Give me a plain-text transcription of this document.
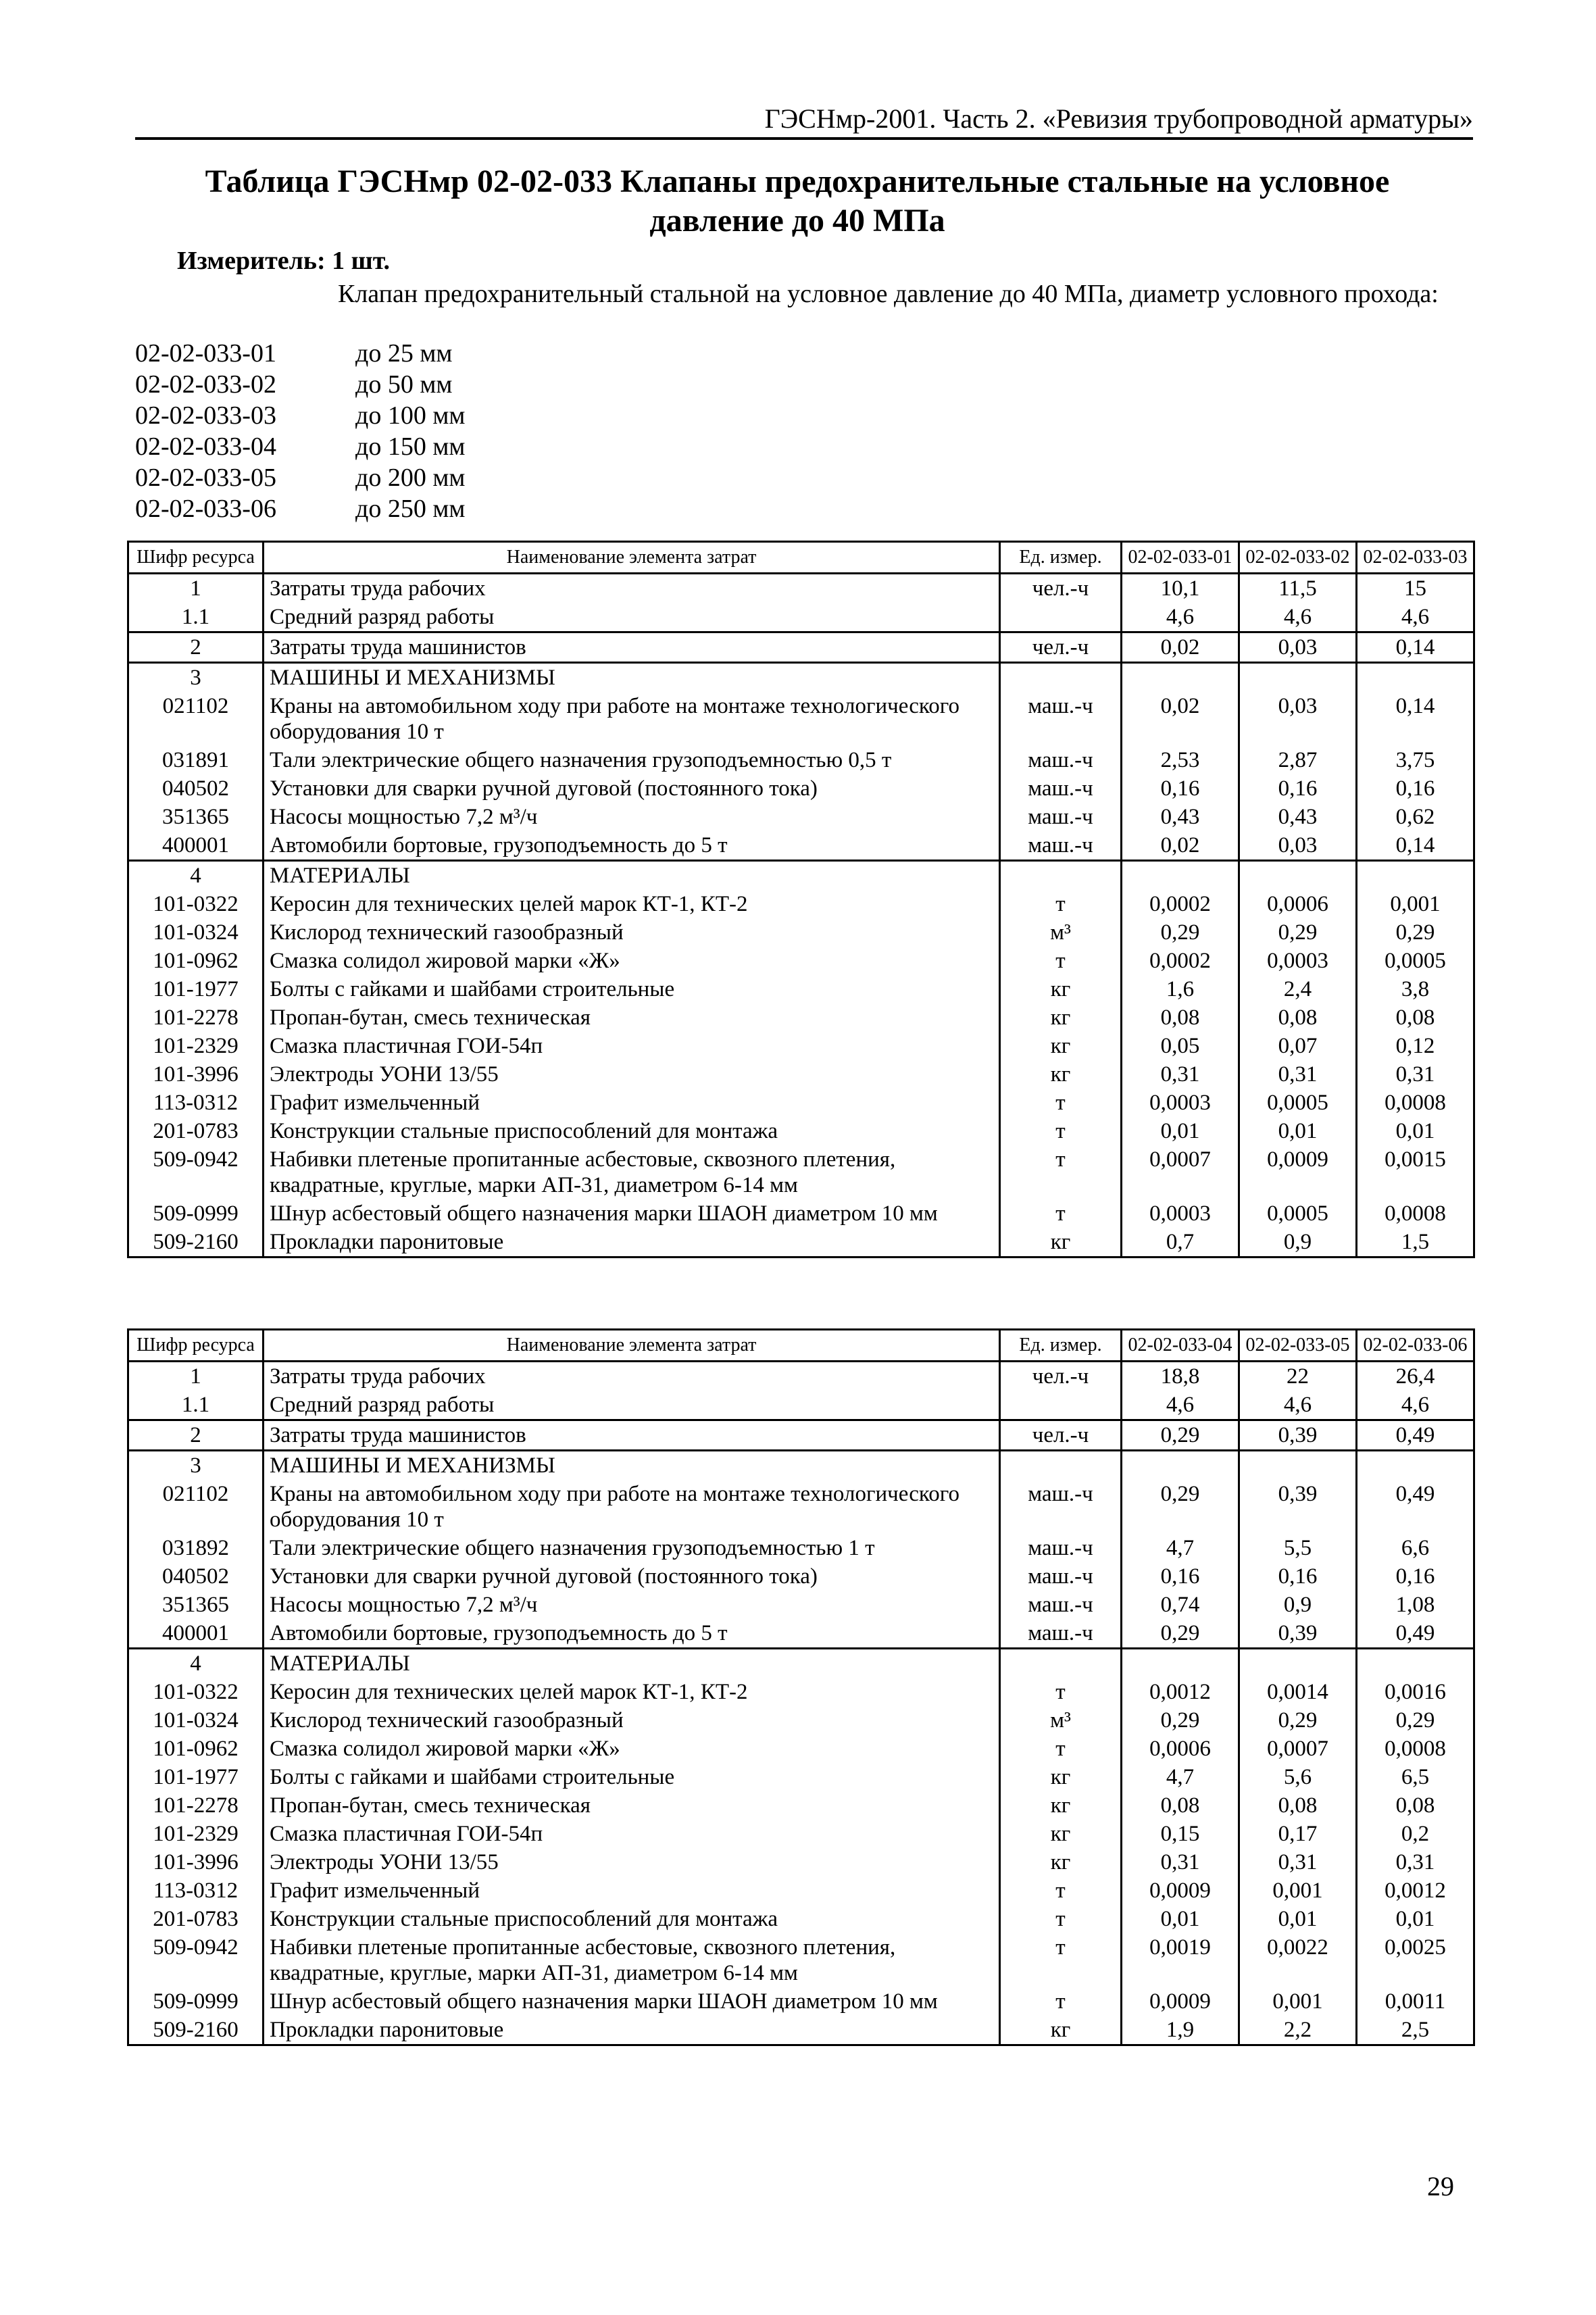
ГЭСНмр-2001. Часть 2. «Ревизия трубопроводной арматуры»
Таблица ГЭСНмр 02-02-033 Клапаны предохранительные стальные на условное
давление до 40 МПа
Измеритель: 1 шт.
Клапан предохранительный стальной на условное давление до 40 МПа, диаметр условного прохода:
02-02-033-01	до 25 мм
02-02-033-02	до 50 мм
02-02-033-03	до 100 мм
02-02-033-04	до 150 мм
02-02-033-05	до 200 мм
02-02-033-06	до 250 мм
Шифр ресурса	Наименование элемента затрат	Ед. измер.	02-02-033-01	02-02-033-02	02-02-033-03
1	Затраты труда рабочих	чел.-ч	10,1	11,5	15
1.1	Средний разряд работы		4,6	4,6	4,6
2	Затраты труда машинистов	чел.-ч	0,02	0,03	0,14
3	МАШИНЫ И МЕХАНИЗМЫ				
021102	Краны на автомобильном ходу при работе на монтаже технологического оборудования 10 т	маш.-ч	0,02	0,03	0,14
031891	Тали электрические общего назначения грузоподъемностью 0,5 т	маш.-ч	2,53	2,87	3,75
040502	Установки для сварки ручной дуговой (постоянного тока)	маш.-ч	0,16	0,16	0,16
351365	Насосы мощностью 7,2 м³/ч	маш.-ч	0,43	0,43	0,62
400001	Автомобили бортовые, грузоподъемность до 5 т	маш.-ч	0,02	0,03	0,14
4	МАТЕРИАЛЫ				
101-0322	Керосин для технических целей марок КТ-1, КТ-2	т	0,0002	0,0006	0,001
101-0324	Кислород технический газообразный	м³	0,29	0,29	0,29
101-0962	Смазка солидол жировой марки «Ж»	т	0,0002	0,0003	0,0005
101-1977	Болты с гайками и шайбами строительные	кг	1,6	2,4	3,8
101-2278	Пропан-бутан, смесь техническая	кг	0,08	0,08	0,08
101-2329	Смазка пластичная ГОИ-54п	кг	0,05	0,07	0,12
101-3996	Электроды УОНИ 13/55	кг	0,31	0,31	0,31
113-0312	Графит измельченный	т	0,0003	0,0005	0,0008
201-0783	Конструкции стальные приспособлений для монтажа	т	0,01	0,01	0,01
509-0942	Набивки плетеные пропитанные асбестовые, сквозного плетения, квадратные, круглые, марки АП-31, диаметром 6-14 мм	т	0,0007	0,0009	0,0015
509-0999	Шнур асбестовый общего назначения марки ШАОН диаметром 10 мм	т	0,0003	0,0005	0,0008
509-2160	Прокладки паронитовые	кг	0,7	0,9	1,5
Шифр ресурса	Наименование элемента затрат	Ед. измер.	02-02-033-04	02-02-033-05	02-02-033-06
1	Затраты труда рабочих	чел.-ч	18,8	22	26,4
1.1	Средний разряд работы		4,6	4,6	4,6
2	Затраты труда машинистов	чел.-ч	0,29	0,39	0,49
3	МАШИНЫ И МЕХАНИЗМЫ				
021102	Краны на автомобильном ходу при работе на монтаже технологического оборудования 10 т	маш.-ч	0,29	0,39	0,49
031892	Тали электрические общего назначения грузоподъемностью 1 т	маш.-ч	4,7	5,5	6,6
040502	Установки для сварки ручной дуговой (постоянного тока)	маш.-ч	0,16	0,16	0,16
351365	Насосы мощностью 7,2 м³/ч	маш.-ч	0,74	0,9	1,08
400001	Автомобили бортовые, грузоподъемность до 5 т	маш.-ч	0,29	0,39	0,49
4	МАТЕРИАЛЫ				
101-0322	Керосин для технических целей марок КТ-1, КТ-2	т	0,0012	0,0014	0,0016
101-0324	Кислород технический газообразный	м³	0,29	0,29	0,29
101-0962	Смазка солидол жировой марки «Ж»	т	0,0006	0,0007	0,0008
101-1977	Болты с гайками и шайбами строительные	кг	4,7	5,6	6,5
101-2278	Пропан-бутан, смесь техническая	кг	0,08	0,08	0,08
101-2329	Смазка пластичная ГОИ-54п	кг	0,15	0,17	0,2
101-3996	Электроды УОНИ 13/55	кг	0,31	0,31	0,31
113-0312	Графит измельченный	т	0,0009	0,001	0,0012
201-0783	Конструкции стальные приспособлений для монтажа	т	0,01	0,01	0,01
509-0942	Набивки плетеные пропитанные асбестовые, сквозного плетения, квадратные, круглые, марки АП-31, диаметром 6-14 мм	т	0,0019	0,0022	0,0025
509-0999	Шнур асбестовый общего назначения марки ШАОН диаметром 10 мм	т	0,0009	0,001	0,0011
509-2160	Прокладки паронитовые	кг	1,9	2,2	2,5
29
